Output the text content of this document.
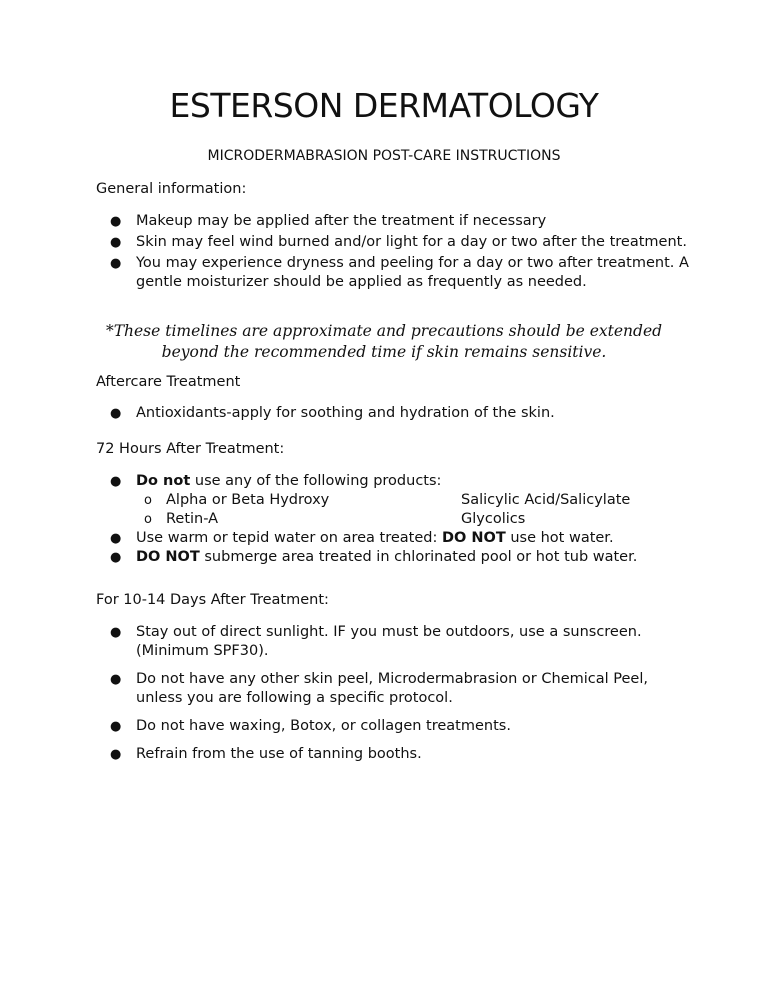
ESTERSON DERMATOLOGY
MICRODERMABRASION POST-CARE INSTRUCTIONS
General information:
● Makeup may be applied after the treatment if necessary
● Skin may feel wind burned and/or light for a day or two after the treatment.
● You may experience dryness and peeling for a day or two after treatment. A gentle moisturizer should be applied as frequently as needed.
*These timelines are approximate and precautions should be extended beyond the recommended time if skin remains sensitive.
Aftercare Treatment
● Antioxidants-apply for soothing and hydration of the skin.
72 Hours After Treatment:
● Do not use any of the following products:
o Alpha or Beta Hydroxy	Salicylic Acid/Salicylate
o Retin-A	Glycolics
● Use warm or tepid water on area treated: DO NOT use hot water.
● DO NOT submerge area treated in chlorinated pool or hot tub water.
For 10-14 Days After Treatment:
● Stay out of direct sunlight. IF you must be outdoors, use a sunscreen. (Minimum SPF30).
● Do not have any other skin peel, Microdermabrasion or Chemical Peel, unless you are following a specific protocol.
● Do not have waxing, Botox, or collagen treatments.
● Refrain from the use of tanning booths.
